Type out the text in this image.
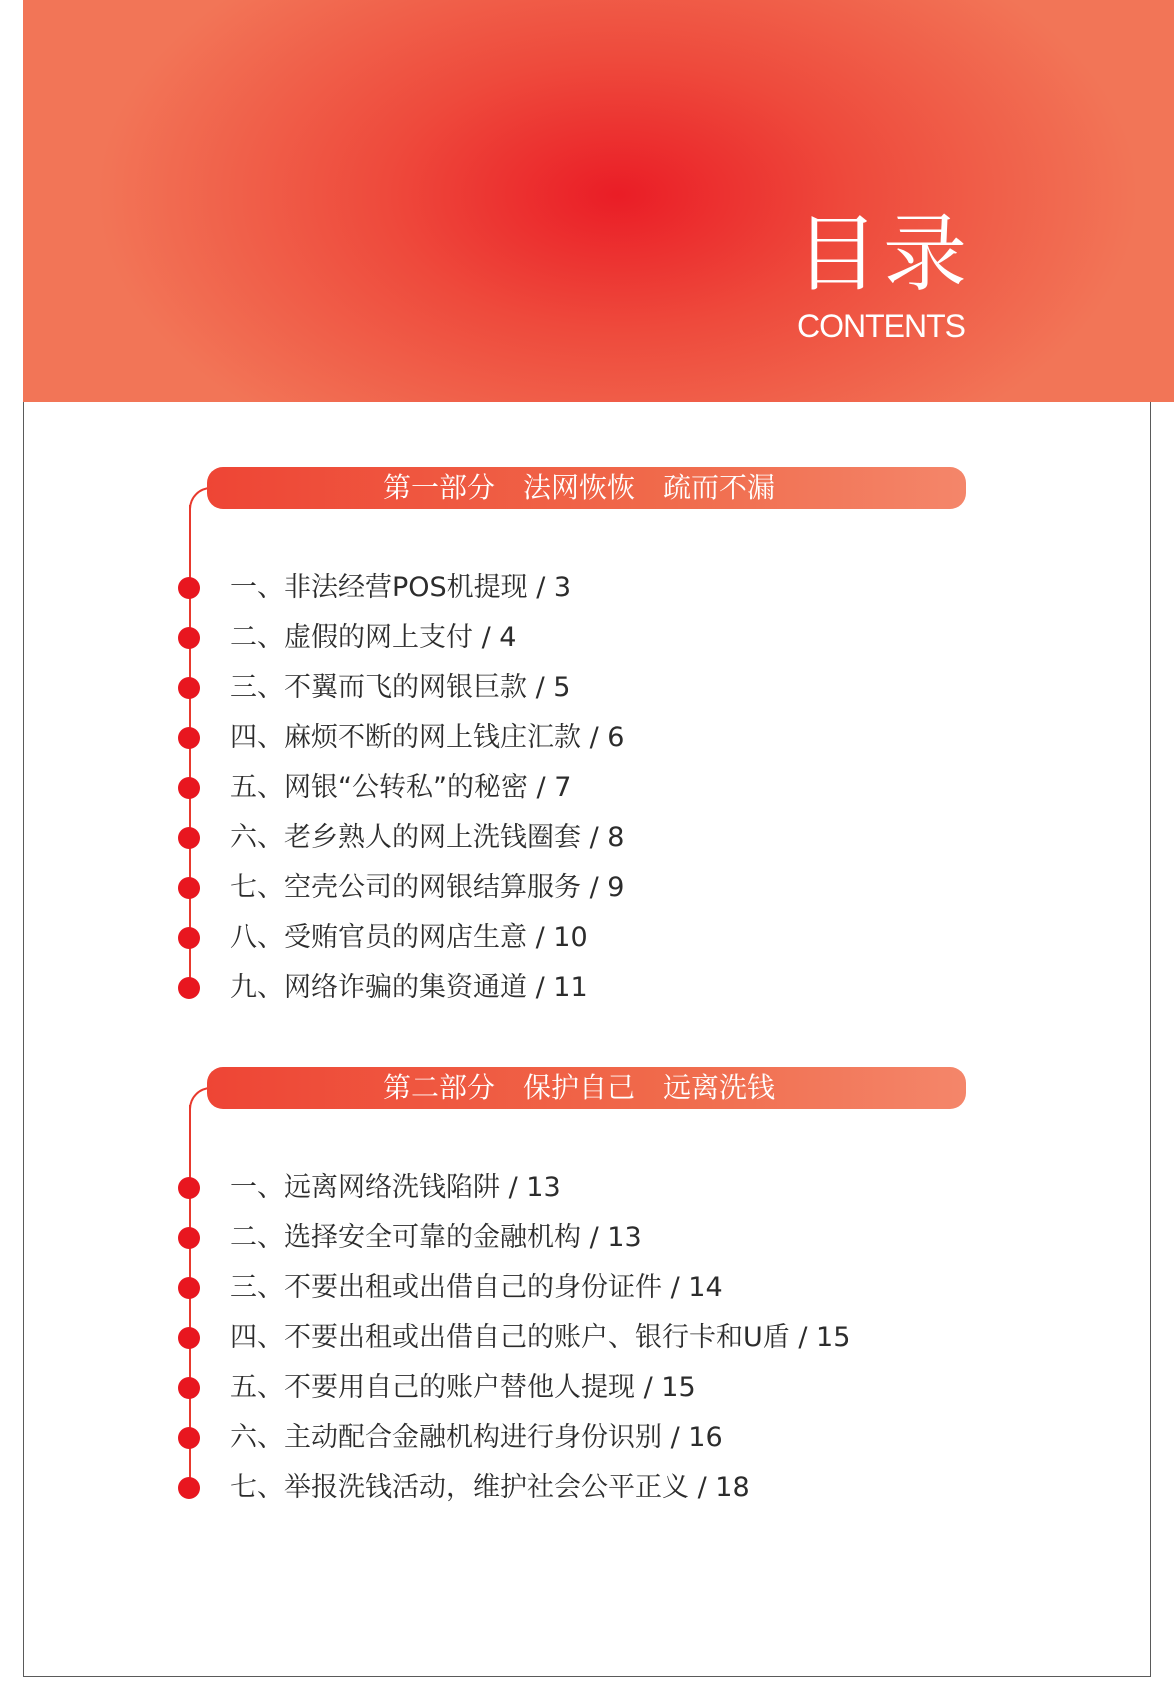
目录
CONTENTS
第一部分　法网恢恢　疏而不漏
一、非法经营POS机提现 / 3
二、虚假的网上支付 / 4
三、不翼而飞的网银巨款 / 5
四、麻烦不断的网上钱庄汇款 / 6
五、网银“公转私”的秘密 / 7
六、老乡熟人的网上洗钱圈套 / 8
七、空壳公司的网银结算服务 / 9
八、受贿官员的网店生意 / 10
九、网络诈骗的集资通道 / 11
第二部分　保护自己　远离洗钱
一、远离网络洗钱陷阱 / 13
二、选择安全可靠的金融机构 / 13
三、不要出租或出借自己的身份证件 / 14
四、不要出租或出借自己的账户、银行卡和U盾 / 15
五、不要用自己的账户替他人提现 / 15
六、主动配合金融机构进行身份识别 / 16
七、举报洗钱活动，维护社会公平正义 / 18
